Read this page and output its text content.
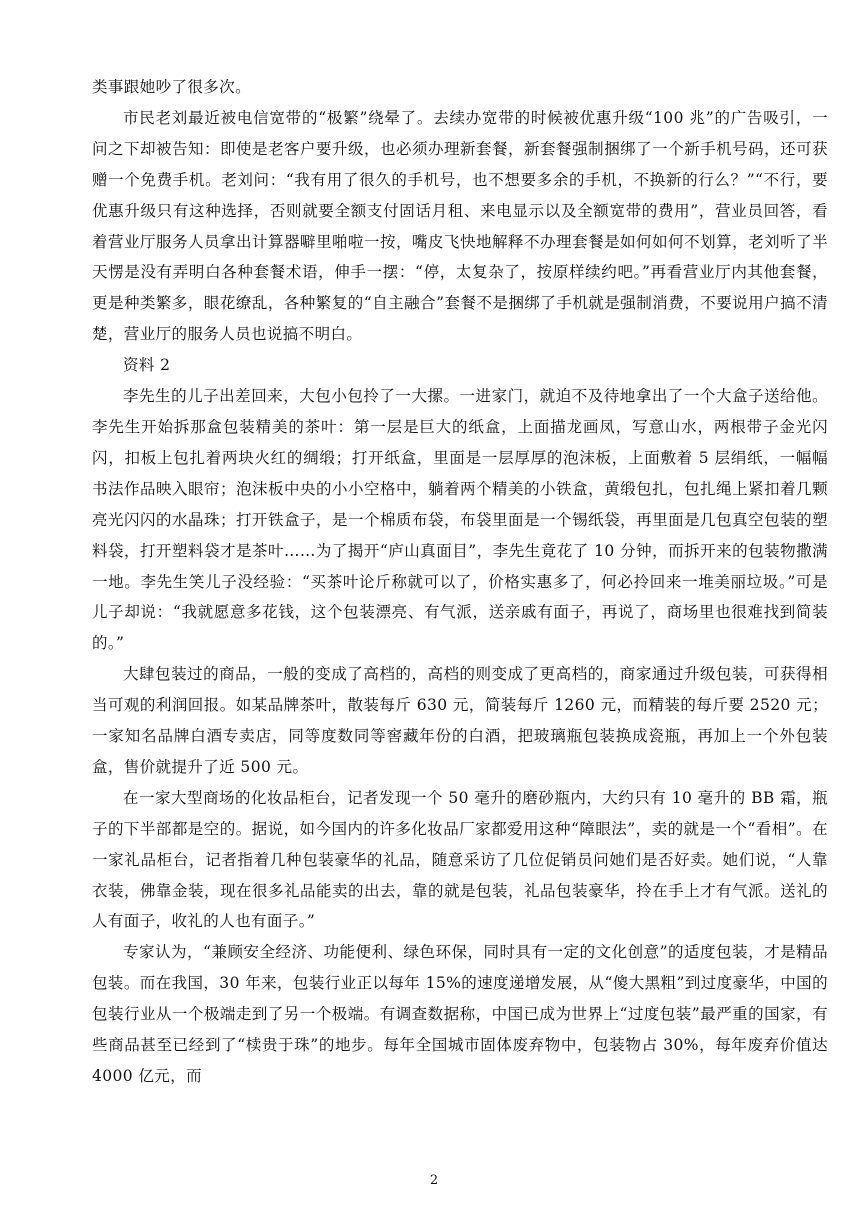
类事跟她吵了很多次。

市民老刘最近被电信宽带的“极繁”绕晕了。去续办宽带的时候被优惠升级“100 兆”的广告吸引，一问之下却被告知：即使是老客户要升级，也必须办理新套餐，新套餐强制捆绑了一个新手机号码，还可获赠一个免费手机。老刘问：“我有用了很久的手机号，也不想要多余的手机，不换新的行么？”“不行，要优惠升级只有这种选择，否则就要全额支付固话月租、来电显示以及全额宽带的费用”，营业员回答，看着营业厅服务人员拿出计算器噼里啪啦一按，嘴皮飞快地解释不办理套餐是如何如何不划算，老刘听了半天愣是没有弄明白各种套餐术语，伸手一摆：“停，太复杂了，按原样续约吧。”再看营业厅内其他套餐，更是种类繁多，眼花缭乱，各种繁复的“自主融合”套餐不是捆绑了手机就是强制消费，不要说用户搞不清楚，营业厅的服务人员也说搞不明白。

资料 2

李先生的儿子出差回来，大包小包拎了一大摞。一进家门，就迫不及待地拿出了一个大盒子送给他。李先生开始拆那盒包装精美的茶叶：第一层是巨大的纸盒，上面描龙画凤，写意山水，两根带子金光闪闪，扣板上包扎着两块火红的绸缎；打开纸盒，里面是一层厚厚的泡沫板，上面敷着 5 层绢纸，一幅幅书法作品映入眼帘；泡沫板中央的小小空格中，躺着两个精美的小铁盒，黄缎包扎，包扎绳上紧扣着几颗亮光闪闪的水晶珠；打开铁盒子，是一个棉质布袋，布袋里面是一个锡纸袋，再里面是几包真空包装的塑料袋，打开塑料袋才是茶叶……为了揭开“庐山真面目”，李先生竟花了 10 分钟，而拆开来的包装物撒满一地。李先生笑儿子没经验：“买茶叶论斤称就可以了，价格实惠多了，何必拎回来一堆美丽垃圾。”可是儿子却说：“我就愿意多花钱，这个包装漂亮、有气派，送亲戚有面子，再说了，商场里也很难找到简装的。”

大肆包装过的商品，一般的变成了高档的，高档的则变成了更高档的，商家通过升级包装，可获得相当可观的利润回报。如某品牌茶叶，散装每斤 630 元，简装每斤 1260 元，而精装的每斤要 2520 元；一家知名品牌白酒专卖店，同等度数同等窖藏年份的白酒，把玻璃瓶包装换成瓷瓶，再加上一个外包装盒，售价就提升了近 500 元。

在一家大型商场的化妆品柜台，记者发现一个 50 毫升的磨砂瓶内，大约只有 10 毫升的 BB 霜，瓶子的下半部都是空的。据说，如今国内的许多化妆品厂家都爱用这种“障眼法”，卖的就是一个“看相”。在一家礼品柜台，记者指着几种包装豪华的礼品，随意采访了几位促销员问她们是否好卖。她们说，“人靠衣装，佛靠金装，现在很多礼品能卖的出去，靠的就是包装，礼品包装豪华，拎在手上才有气派。送礼的人有面子，收礼的人也有面子。”

专家认为，“兼顾安全经济、功能便利、绿色环保，同时具有一定的文化创意”的适度包装，才是精品包装。而在我国，30 年来，包装行业正以每年 15%的速度递增发展，从“傻大黑粗”到过度豪华，中国的包装行业从一个极端走到了另一个极端。有调查数据称，中国已成为世界上“过度包装”最严重的国家，有些商品甚至已经到了“椟贵于珠”的地步。每年全国城市固体废弃物中，包装物占 30%，每年废弃价值达 4000 亿元，而

2
